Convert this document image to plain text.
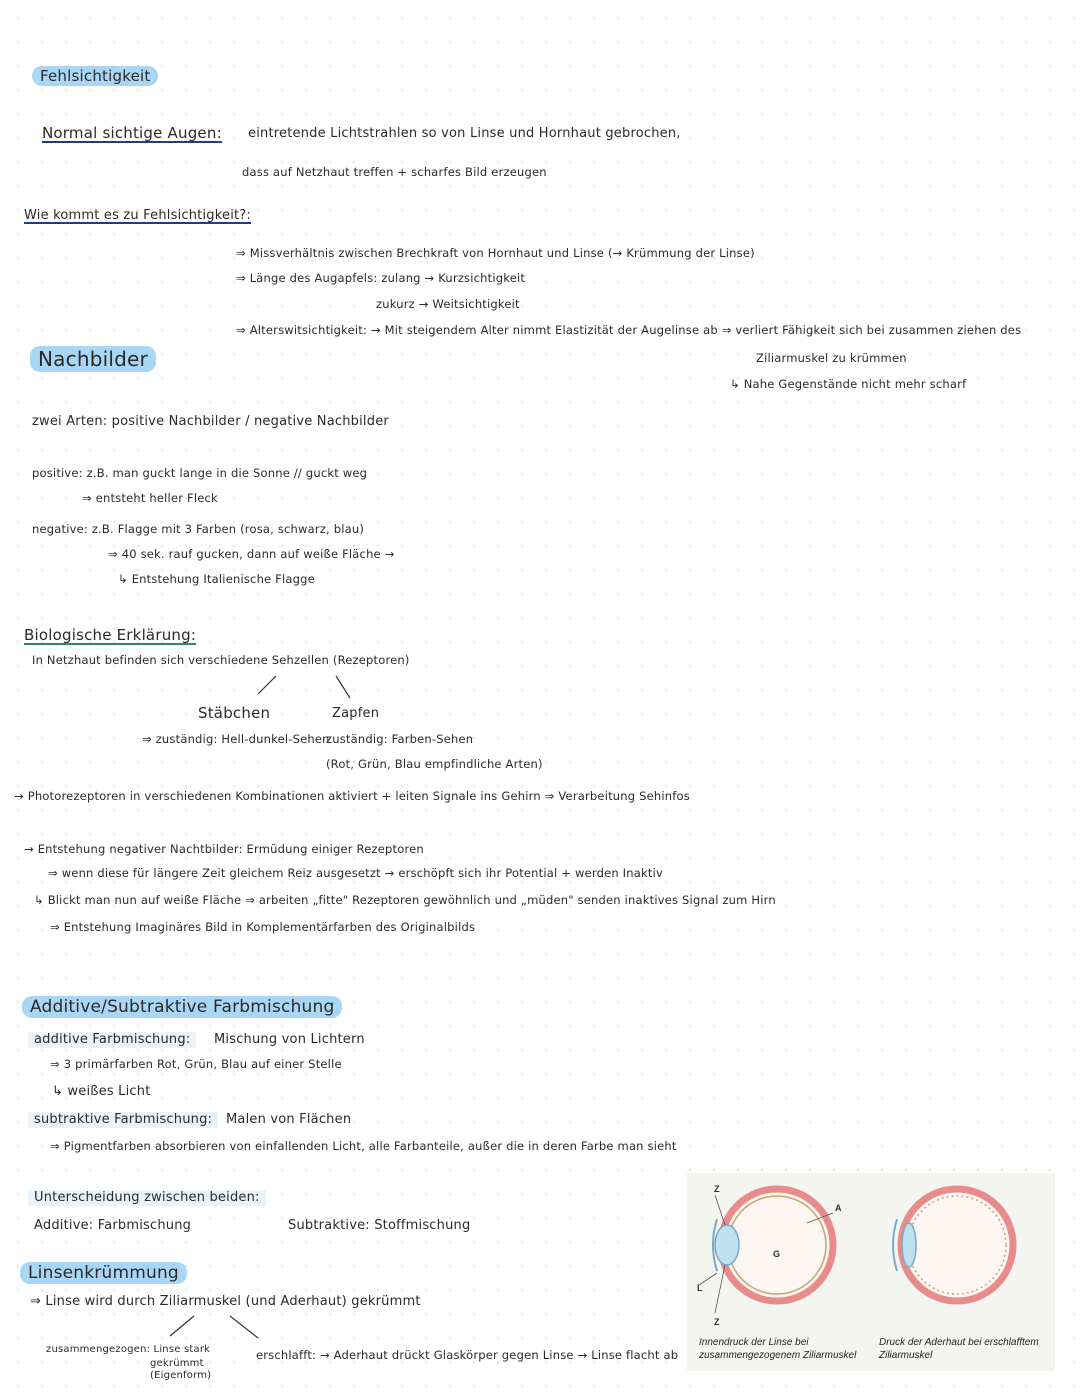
Fehlsichtigkeit
Normal sichtige Augen: eintretende Lichtstrahlen so von Linse und Hornhaut gebrochen,
dass auf Netzhaut treffen + scharfes Bild erzeugen
Wie kommt es zu Fehlsichtigkeit?:
⇒ Missverhältnis zwischen Brechkraft von Hornhaut und Linse (→ Krümmung der Linse)
⇒ Länge des Augapfels: zulang → Kurzsichtigkeit
zukurz → Weitsichtigkeit
⇒ Alterswitsichtigkeit: → Mit steigendem Alter nimmt Elastizität der Augelinse ab ⇒ verliert Fähigkeit sich bei zusammen ziehen des
Ziliarmuskel zu krümmen
↳ Nahe Gegenstände nicht mehr scharf
Nachbilder
zwei Arten: positive Nachbilder / negative Nachbilder
positive: z.B. man guckt lange in die Sonne // guckt weg
⇒ entsteht heller Fleck
negative: z.B. Flagge mit 3 Farben (rosa, schwarz, blau)
⇒ 40 sek. rauf gucken, dann auf weiße Fläche →
↳ Entstehung Italienische Flagge
Biologische Erklärung:
In Netzhaut befinden sich verschiedene Sehzellen (Rezeptoren)
Stäbchen
⇒ zuständig: Hell-dunkel-Sehen
Zapfen
zuständig: Farben-Sehen
(Rot, Grün, Blau empfindliche Arten)
→ Photorezeptoren in verschiedenen Kombinationen aktiviert + leiten Signale ins Gehirn ⇒ Verarbeitung Sehinfos
→ Entstehung negativer Nachtbilder: Ermüdung einiger Rezeptoren
⇒ wenn diese für längere Zeit gleichem Reiz ausgesetzt → erschöpft sich ihr Potential + werden Inaktiv
↳ Blickt man nun auf weiße Fläche ⇒ arbeiten „fitte" Rezeptoren gewöhnlich und „müden" senden inaktives Signal zum Hirn
⇒ Entstehung Imaginäres Bild in Komplementärfarben des Originalbilds
Additive/Subtraktive Farbmischung
additive Farbmischung:	Mischung von Lichtern
⇒ 3 primärfarben Rot, Grün, Blau auf einer Stelle
↳ weißes Licht
subtraktive Farbmischung:	Malen von Flächen
⇒ Pigmentfarben absorbieren von einfallenden Licht, alle Farbanteile, außer die in deren Farbe man sieht
Unterscheidung zwischen beiden:
Additive: Farbmischung	Subtraktive: Stoffmischung
Linsenkrümmung
⇒ Linse wird durch Ziliarmuskel (und Aderhaut) gekrümmt
zusammengezogen: Linse stark
gekrümmt
(Eigenform)
erschlafft: → Aderhaut drückt Glaskörper gegen Linse → Linse flacht ab
Z
A
G
L
Z
Innendruck der Linse bei zusammengezogenem Ziliarmuskel
Druck der Aderhaut bei erschlafftem Ziliarmuskel
